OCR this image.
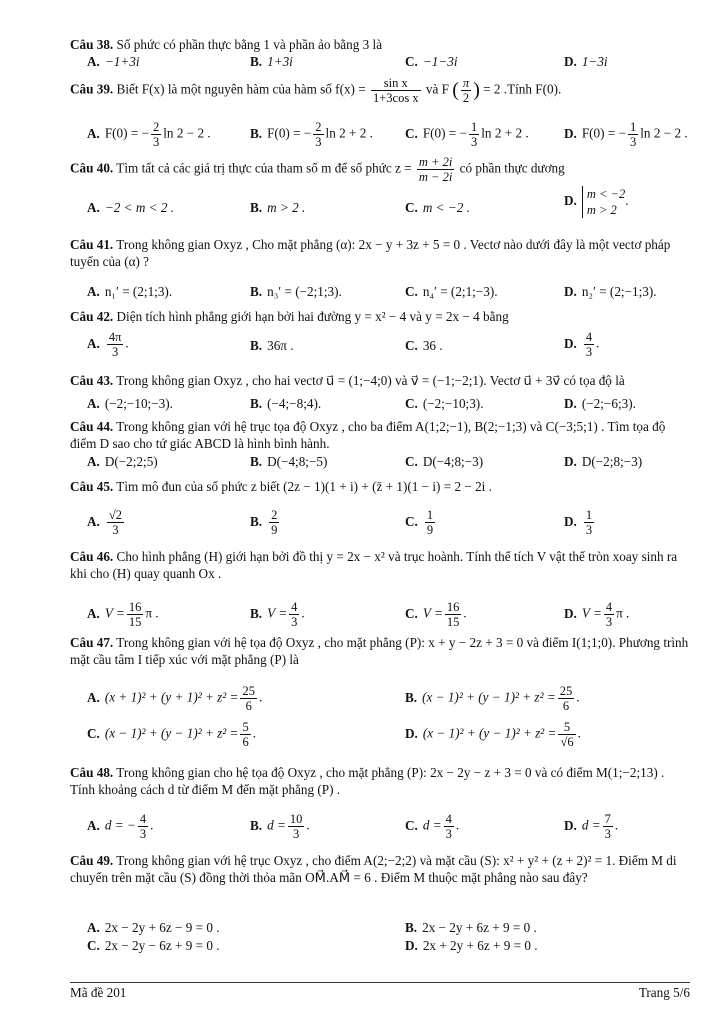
Câu 38. Số phức có phần thực bằng 1 và phần ảo bằng 3 là
A. −1+3i	B. 1+3i	C. −1−3i	D. 1−3i
Câu 39. Biết F(x) là một nguyên hàm của hàm số $f(x) = \frac{\text{sin x}}{\text{1+3cos x}}$ và F ( $\frac{\pi}{2}$ ) = 2 .Tính F(0).
A. F(0) = − $\frac{2}{3}$ ln 2 − 2 .	B. F(0) = − $\frac{2}{3}$ ln 2 + 2 . C. F(0) = − $\frac{1}{3}$ ln 2 + 2 .	D. F(0) = − $\frac{1}{3}$ ln 2 − 2 .
Câu 40. Tìm tất cả các giá trị thực của tham số m để số phức $z = \frac{m + 2i}{m - 2i}$ có phần thực dương
A. −2 < m < 2 .	B. m > 2 .	C. m < −2 .	D. m < −2
m > 2
.
Câu 41. Trong không gian Oxyz , Cho mặt phẳng (α): 2x − y + 3z + 5 = 0 . Vectơ nào dưới đây là một vectơ pháp tuyến của (α) ?
A. n₁′ = (2;1;3).	B. n₃′ = (−2;1;3).	C. n₄′ = (2;1;−3).	D. n₂′ = (2;−1;3).
Câu 42. Diện tích hình phẳng giới hạn bởi hai đường y = x² − 4 và y = 2x − 4 bằng
A. $\frac{4\pi}{3}$ .	B. 36π .	C. 36 .	D. $\frac{4}{3}$ .
Câu 43. Trong không gian Oxyz , cho hai vectơ u⃗ = (1;−4;0) và v⃗ = (−1;−2;1). Vectơ u⃗ + 3v⃗ có tọa độ là
A. (−2;−10;−3).	B. (−4;−8;4).	C. (−2;−10;3).	D. (−2;−6;3).
Câu 44. Trong không gian với hệ trục tọa độ Oxyz , cho ba điểm A(1;2;−1), B(2;−1;3) và C(−3;5;1) . Tìm tọa độ điểm D sao cho tứ giác ABCD là hình bình hành.
A. D(−2;2;5)	B. D(−4;8;−5)	C. D(−4;8;−3)	D. D(−2;8;−3)
Câu 45. Tìm mô đun của số phức z biết (2z − 1)(1 + i) + (z̄ + 1)(1 − i) = 2 − 2i .
A. $\frac{√2}{3}$	B. $\frac{2}{9}$	C. $\frac{1}{9}$	D. $\frac{1}{3}$
Câu 46. Cho hình phẳng (H) giới hạn bởi đồ thị y = 2x − x² và trục hoành. Tính thể tích V vật thể tròn xoay sinh ra khi cho (H) quay quanh Ox .
A. $V = \frac{16}{15}$ π .	B. $V = \frac{4}{3}$ .	C. $V = \frac{16}{15}$ .	D. $V = \frac{4}{3}$ π .
Câu 47. Trong không gian với hệ tọa độ Oxyz , cho mặt phẳng (P): x + y − 2z + 3 = 0 và điểm I(1;1;0). Phương trình mặt cầu tâm I tiếp xúc với mặt phẳng (P) là
A. $(x + 1)^2 + (y + 1)^2 + z^2 = \frac{25}{6}$ .	B. $(x - 1)^2 + (y - 1)^2 + z^2 = \frac{25}{6}$ .
C. $(x - 1)^2 + (y - 1)^2 + z^2 = \frac{5}{6}$ .	D. $(x - 1)^2 + (y - 1)^2 + z^2 = \frac{5}{√6}$ .
Câu 48. Trong không gian cho hệ tọa độ Oxyz , cho mặt phẳng (P): 2x − 2y − z + 3 = 0 và có điểm M(1;−2;13) . Tính khoảng cách d từ điểm M đến mặt phẳng (P) .
A. d = − $\frac{4}{3}$ .	B. $d = \frac{10}{3}$ .	C. $d = \frac{4}{3}$ .	D. $d = \frac{7}{3}$ .
Câu 49. Trong không gian với hệ trục Oxyz , cho điểm A(2;−2;2) và mặt cầu (S): x² + y² + (z + 2)² = 1. Điểm M di chuyển trên mặt cầu (S) đồng thời thỏa mãn OM⃗.AM⃗ = 6 . Điểm M thuộc mặt phẳng nào sau đây?
A. 2x − 2y + 6z − 9 = 0 .	B. 2x − 2y + 6z + 9 = 0 .
C. 2x − 2y − 6z + 9 = 0 .	D. 2x + 2y + 6z + 9 = 0 .
Mã đề 201	Trang 5/6
